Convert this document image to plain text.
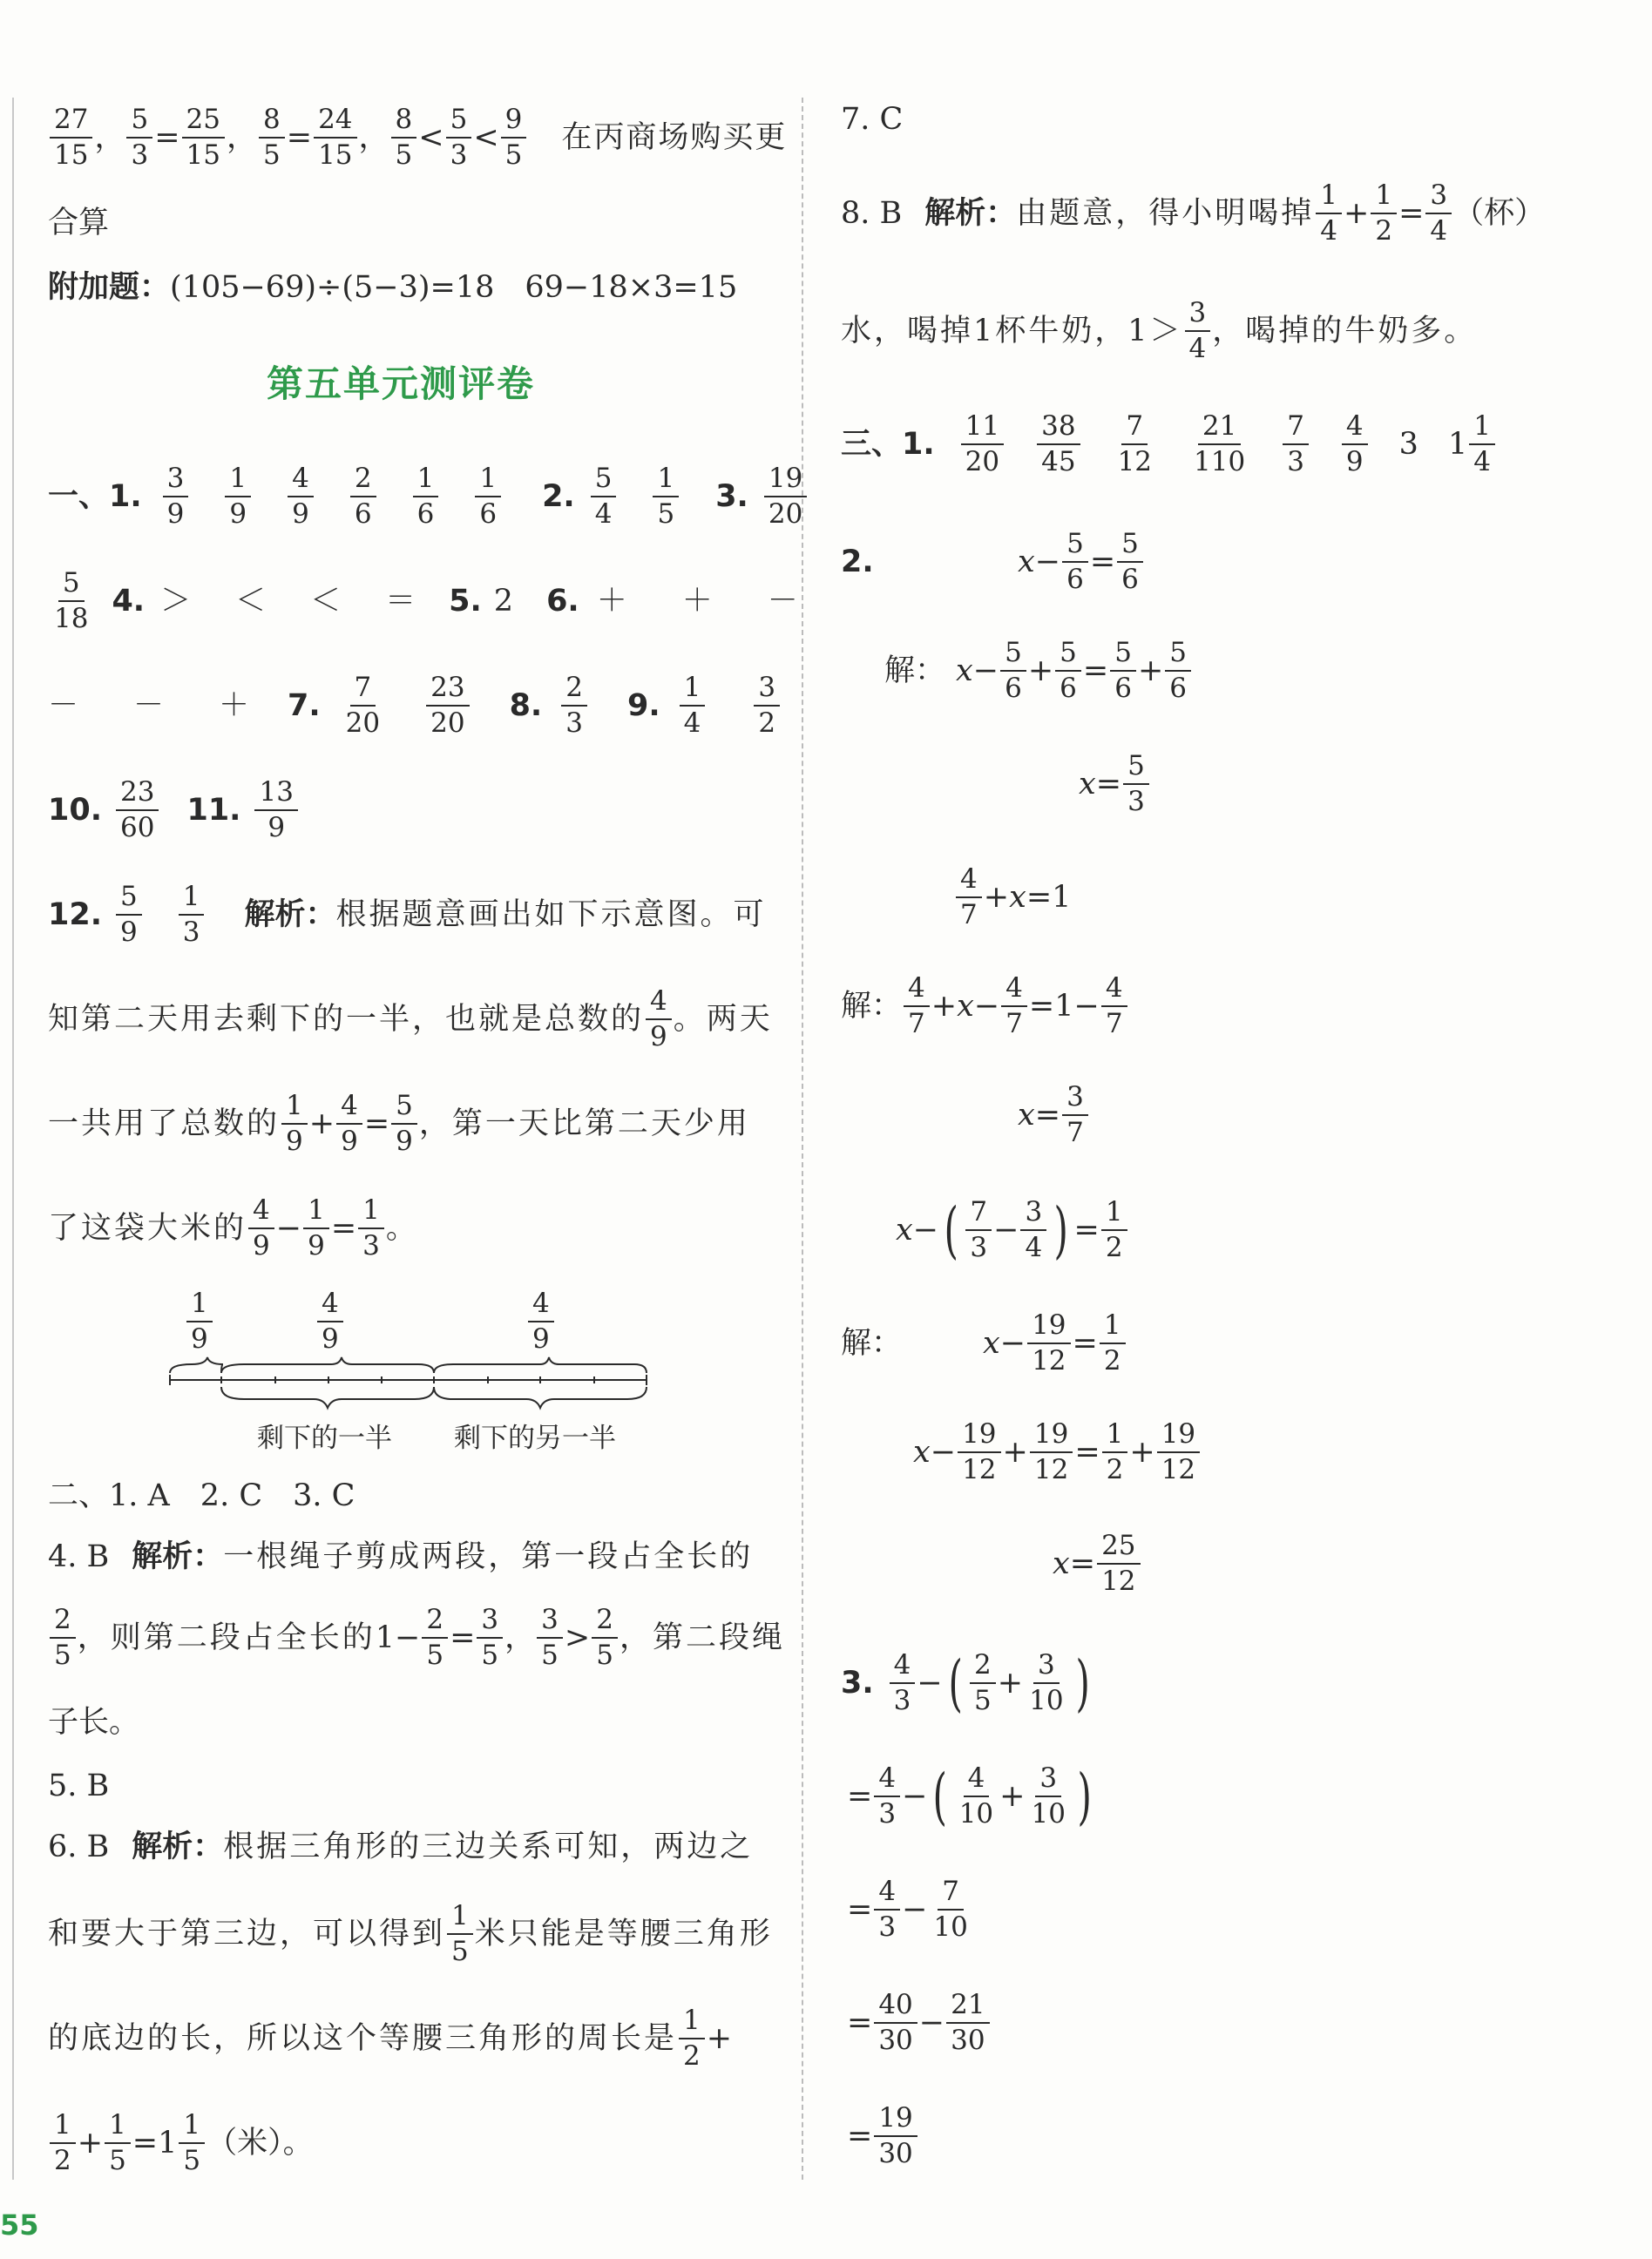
27
15
，
5
3
=
25
15
，
8
5
=
24
15
，
8
5
<
5
3
<
9
5
在丙商场购买更
合算
附加题： (105−69)÷(5−3)=18　69−18×3=15
第五单元测评卷
一、1.
3
9
1
9
4
9
2
6
1
6
1
6
2.
5
4
1
5
3.
19
20
5
18
4. ＞　＜　＜　＝ 5. 2 6. ＋　＋　－
－　－　＋ 7.
7
20
23
20
8.
2
3
9.
1
4
3
2
10.
23
60
11.
13
9
12.
5
9
1
3
解析： 根据题意画出如下示意图。可
知第二天用去剩下的一半，也就是总数的
4
9
。两天
一共用了总数的
1
9
+
4
9
=
5
9
，第一天比第二天少用
了这袋大米的
4
9
−
1
9
=
1
3
。
1
9
4
9
4
9
剩下的一半 剩下的另一半
二、1. A　2. C　3. C
4. B 解析： 一根绳子剪成两段，第一段占全长的
2
5
，则第二段占全长的 1−
2
5
=
3
5
，
3
5
>
2
5
，第二段绳
子长。
5. B
6. B 解析： 根据三角形的三边关系可知，两边之
和要大于第三边，可以得到
1
5
米只能是等腰三角形
的底边的长，所以这个等腰三角形的周长是
1
2
+
1
2
+
1
5
=1
1
5
（米）。
55
7. C
8. B 解析： 由题意，得小明喝掉
1
4
+
1
2
=
3
4
（杯）
水，喝掉1杯牛奶，1＞
3
4
，喝掉的牛奶多。
三、1.
11
20
38
45
7
12
21
110
7
3
4
9
3 1
1
4
2.	x −
5
6
=
5
6
解： x −
5
6
+
5
6
=
5
6
+
5
6
x =
5
3
4
7
+ x =1
解：
4
7
+ x −
4
7
=1−
4
7
x =
3
7
x − ( 7
3
−
3
4 ) =
1
2
解：	x −
19
12
=
1
2
x −
19
12
+
19
12
=
1
2
+
19
12
x =
25
12
3.
4
3
− ( 2
5
+
3
10 )
=
4
3
− ( 4
10
+
3
10 )
=
4
3
−
7
10
=
40
30
−
21
30
=
19
30
